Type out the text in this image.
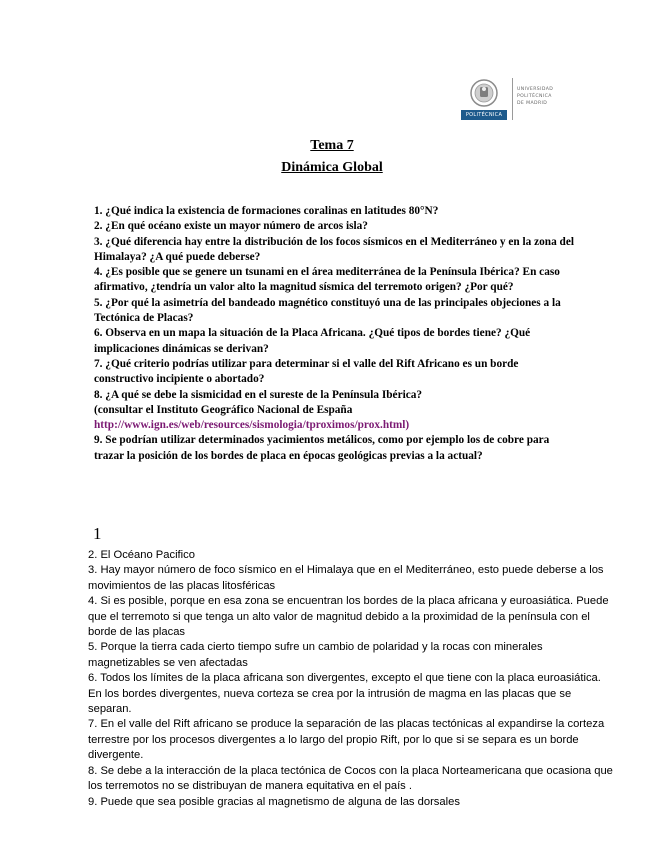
POLITÉCNICA
UNIVERSIDAD
POLITÉCNICA
DE MADRID
Tema 7
Dinámica Global

1. ¿Qué indica la existencia de formaciones coralinas en latitudes 80°N?

2. ¿En qué océano existe un mayor número de arcos isla?

3. ¿Qué diferencia hay entre la distribución de los focos sísmicos en el Mediterráneo y en la zona del Himalaya? ¿A qué puede deberse?

4. ¿Es posible que se genere un tsunami en el área mediterránea de la Península Ibérica? En caso afirmativo, ¿tendría un valor alto la magnitud sísmica del terremoto origen? ¿Por qué?

5. ¿Por qué la asimetría del bandeado magnético constituyó una de las principales objeciones a la Tectónica de Placas?

6. Observa en un mapa la situación de la Placa Africana. ¿Qué tipos de bordes tiene? ¿Qué implicaciones dinámicas se derivan?

7. ¿Qué criterio podrías utilizar para determinar si el valle del Rift Africano es un borde constructivo incipiente o abortado?

8. ¿A qué se debe la sismicidad en el sureste de la Península Ibérica?

(consultar el Instituto Geográfico Nacional de España

http://www.ign.es/web/resources/sismologia/tproximos/prox.html)

9. Se podrían utilizar determinados yacimientos metálicos, como por ejemplo los de cobre para trazar la posición de los bordes de placa en épocas geológicas previas a la actual?

1

2. El Océano Pacifico

3. Hay mayor número de foco sísmico en el Himalaya que en el Mediterráneo, esto puede deberse a los movimientos de las placas litosféricas

4. Si es posible, porque en esa zona se encuentran los bordes de la placa africana y euroasiática. Puede que el terremoto si que tenga un alto valor de magnitud debido a la proximidad de la península con el borde de las placas

5. Porque la tierra cada cierto tiempo sufre un cambio de polaridad y la rocas con minerales magnetizables se ven afectadas

6. Todos los límites de la placa africana son divergentes, excepto el que tiene con la placa euroasiática. En los bordes divergentes, nueva corteza se crea por la intrusión de magma en las placas que se separan.

7. En el valle del Rift africano se produce la separación de las placas tectónicas al expandirse la corteza terrestre por los procesos divergentes a lo largo del propio Rift, por lo que si se separa es un borde divergente.

8. Se debe a la interacción de la placa tectónica de Cocos con la placa Norteamericana que ocasiona que los terremotos no se distribuyan de manera equitativa en el país .

9. Puede que sea posible gracias al magnetismo de alguna de las dorsales
